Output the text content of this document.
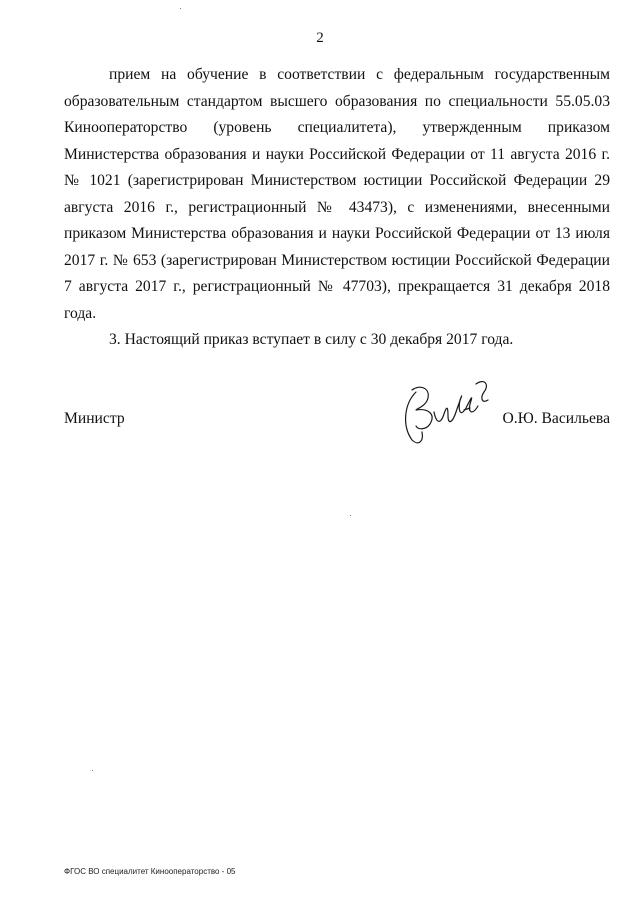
2

прием на обучение в соответствии с федеральным государственным образовательным стандартом высшего образования по специальности 55.05.03 Кинооператорство (уровень специалитета), утвержденным приказом Министерства образования и науки Российской Федерации от 11 августа 2016 г. № 1021 (зарегистрирован Министерством юстиции Российской Федерации 29 августа 2016 г., регистрационный № 43473), с изменениями, внесенными приказом Министерства образования и науки Российской Федерации от 13 июля 2017 г. № 653 (зарегистрирован Министерством юстиции Российской Федерации 7 августа 2017 г., регистрационный № 47703), прекращается 31 декабря 2018 года.

3. Настоящий приказ вступает в силу с 30 декабря 2017 года.

Министр	О.Ю. Васильева
ФГОС ВО специалитет Кинооператорство - 05
